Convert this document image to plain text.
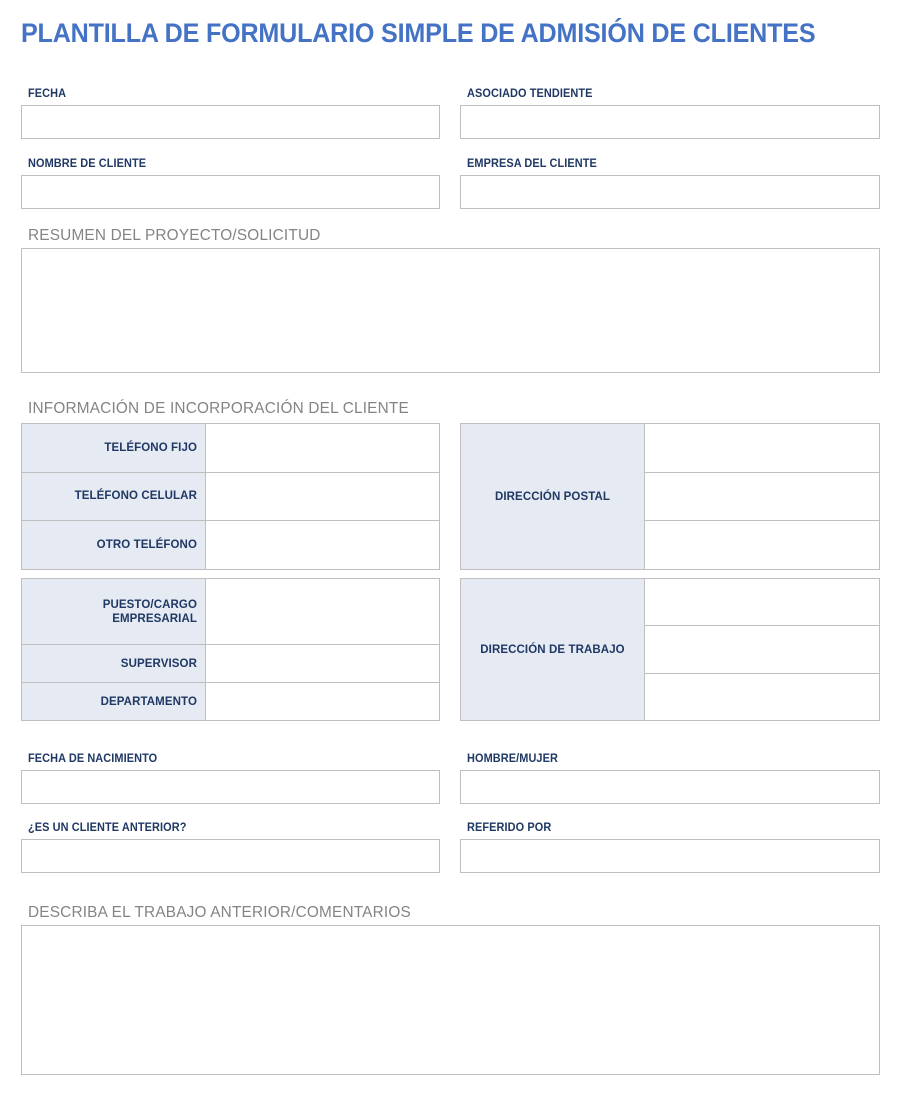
PLANTILLA DE FORMULARIO SIMPLE DE ADMISIÓN DE CLIENTES
FECHA	ASOCIADO TENDIENTE
NOMBRE DE CLIENTE	EMPRESA DEL CLIENTE
RESUMEN DEL PROYECTO/SOLICITUD
INFORMACIÓN DE INCORPORACIÓN DEL CLIENTE
TELÉFONO FIJO	
TELÉFONO CELULAR	
OTRO TELÉFONO	
DIRECCIÓN POSTAL	

PUESTO/CARGO EMPRESARIAL	
SUPERVISOR	
DEPARTAMENTO	
DIRECCIÓN DE TRABAJO	

FECHA DE NACIMIENTO	HOMBRE/MUJER
¿ES UN CLIENTE ANTERIOR?	REFERIDO POR
DESCRIBA EL TRABAJO ANTERIOR/COMENTARIOS
